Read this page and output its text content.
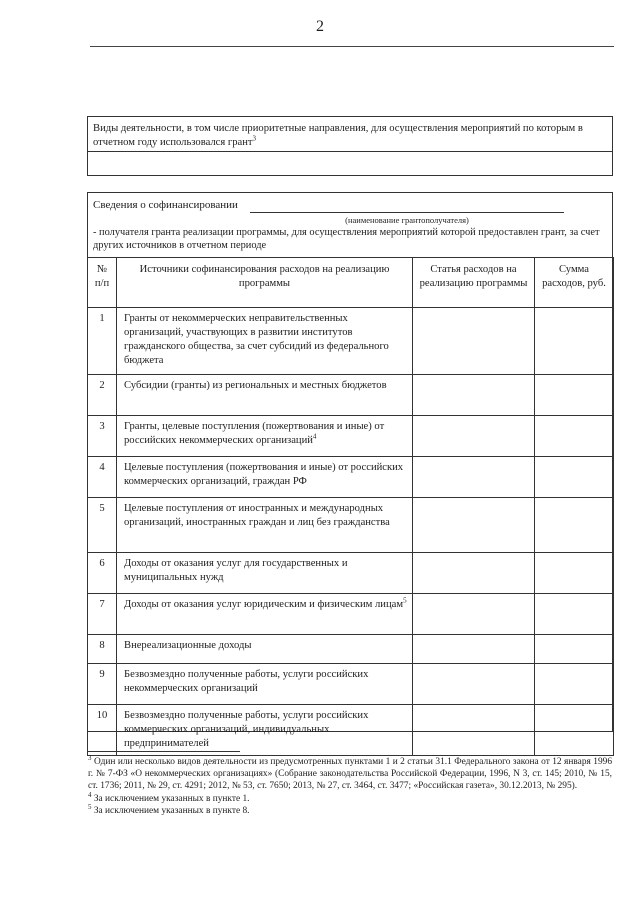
2
Виды деятельности, в том числе приоритетные направления, для осуществления мероприятий по которым в отчетном году использовался грант$^3$
Сведения о софинансировании
(наименование грантополучателя)
- получателя гранта реализации программы, для осуществления мероприятий которой предоставлен грант, за счет других источников в отчетном периоде
№ п/п	Источники софинансирования расходов на реализацию программы	Статья расходов на реализацию программы	Сумма расходов, руб.
1	Гранты от некоммерческих неправительственных организаций, участвующих в развитии институтов гражданского общества, за счет субсидий из федерального бюджета		
2	Субсидии (гранты) из региональных и местных бюджетов		
3	Гранты, целевые поступления (пожертвования и иные) от российских некоммерческих организаций$^4$		
4	Целевые поступления (пожертвования и иные) от российских коммерческих организаций, граждан РФ		
5	Целевые поступления от иностранных и международных организаций, иностранных граждан и лиц без гражданства		
6	Доходы от оказания услуг для государственных и муниципальных нужд		
7	Доходы от оказания услуг юридическим и физическим лицам$^5$		
8	Внереализационные доходы		
9	Безвозмездно полученные работы, услуги российских некоммерческих организаций		
10	Безвозмездно полученные работы, услуги российских коммерческих организаций, индивидуальных предпринимателей		
$^3$ Один или несколько видов деятельности из предусмотренных пунктами 1 и 2 статьи 31.1 Федерального закона от 12 января 1996 г. № 7-ФЗ «О некоммерческих организациях» (Собрание законодательства Российской Федерации, 1996, N 3, ст. 145; 2010, № 15, ст. 1736; 2011, № 29, ст. 4291; 2012, № 53, ст. 7650; 2013, № 27, ст. 3464, ст. 3477; «Российская газета», 30.12.2013, № 295).
$^4$ За исключением указанных в пункте 1.
$^5$ За исключением указанных в пункте 8.
